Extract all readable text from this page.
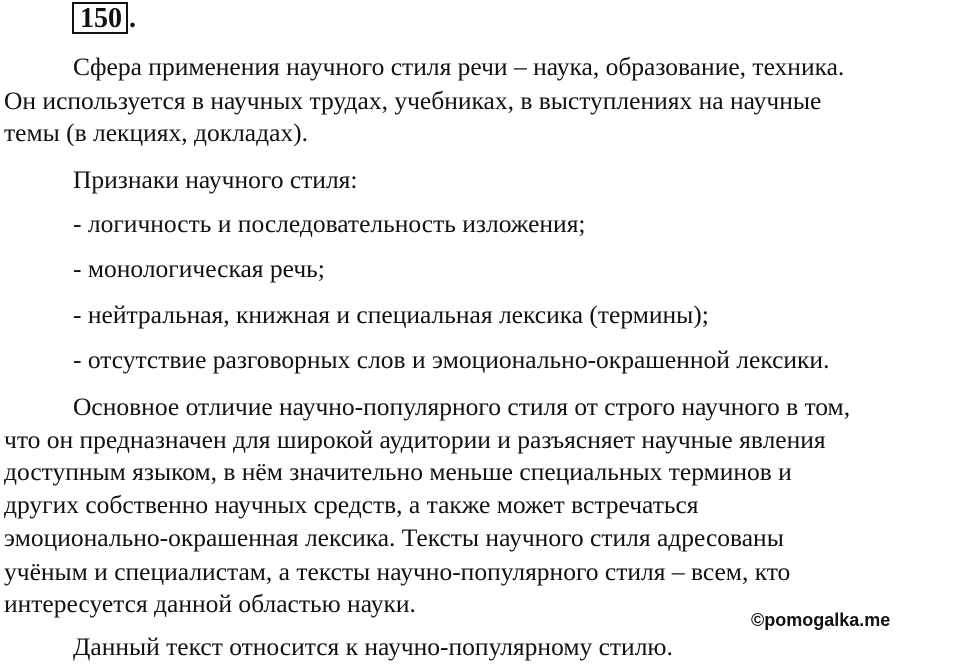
150 .
Сфера применения научного стиля речи – наука, образование, техника.
Он используется в научных трудах, учебниках, в выступлениях на научные
темы (в лекциях, докладах).
Признаки научного стиля:
- логичность и последовательность изложения;
- монологическая речь;
- нейтральная, книжная и специальная лексика (термины);
- отсутствие разговорных слов и эмоционально-окрашенной лексики.
Основное отличие научно-популярного стиля от строго научного в том,
что он предназначен для широкой аудитории и разъясняет научные явления
доступным языком, в нём значительно меньше специальных терминов и
других собственно научных средств, а также может встречаться
эмоционально-окрашенная лексика. Тексты научного стиля адресованы
учёным и специалистам, а тексты научно-популярного стиля – всем, кто
интересуется данной областью науки.
©pomogalka.me
Данный текст относится к научно-популярному стилю.
